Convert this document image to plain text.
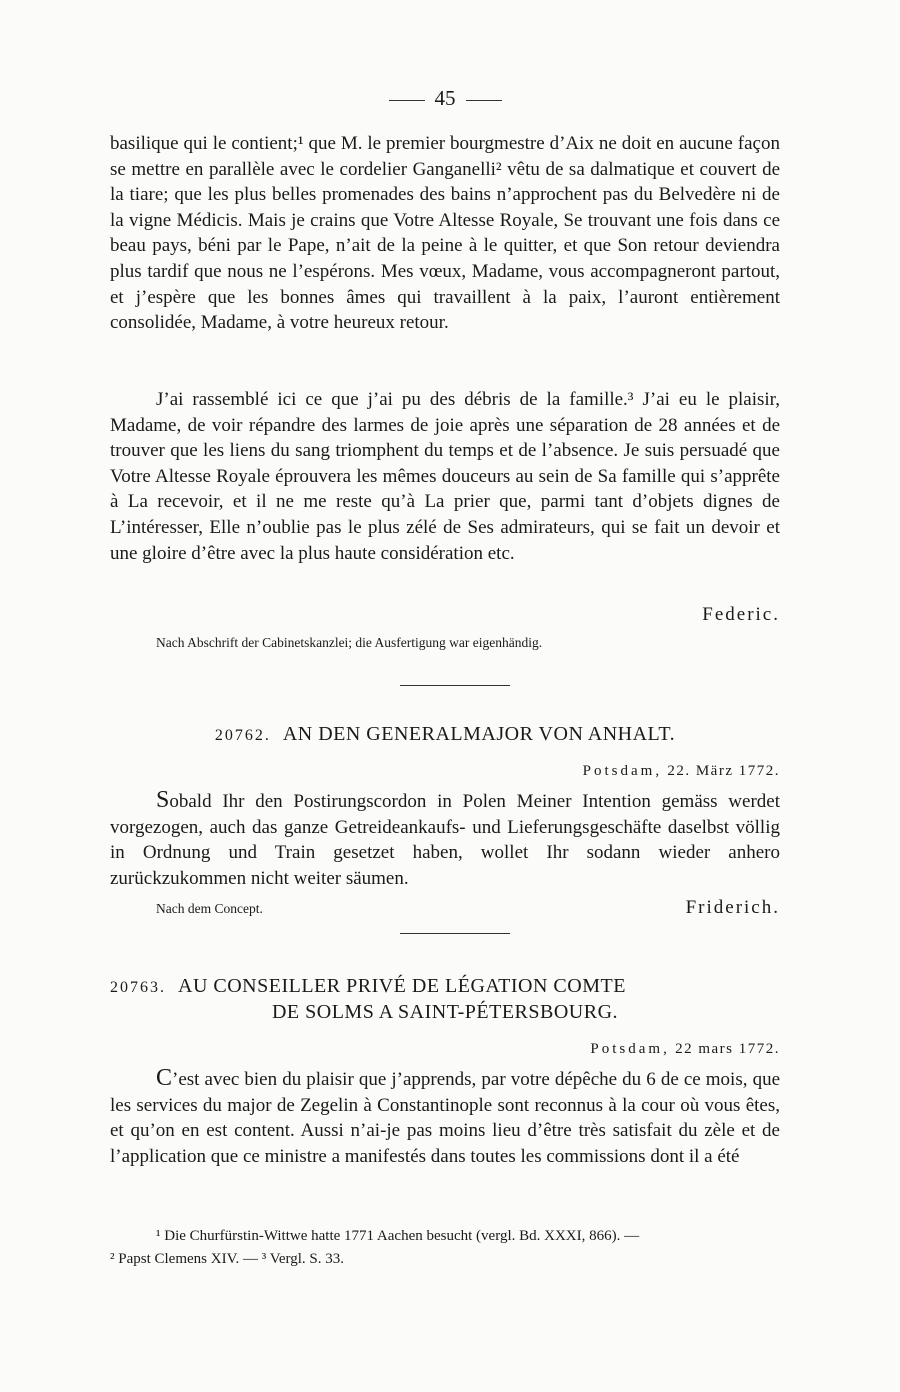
45

basilique qui le contient;¹ que M. le premier bourgmestre d’Aix ne doit en aucune façon se mettre en parallèle avec le cordelier Ganganelli² vêtu de sa dalmatique et couvert de la tiare; que les plus belles promenades des bains n’approchent pas du Belvedère ni de la vigne Médicis. Mais je crains que Votre Altesse Royale, Se trouvant une fois dans ce beau pays, béni par le Pape, n’ait de la peine à le quitter, et que Son retour deviendra plus tardif que nous ne l’espérons. Mes vœux, Madame, vous accompagneront partout, et j’espère que les bonnes âmes qui travaillent à la paix, l’auront entièrement consolidée, Madame, à votre heureux retour.

J’ai rassemblé ici ce que j’ai pu des débris de la famille.³ J’ai eu le plaisir, Madame, de voir répandre des larmes de joie après une séparation de 28 années et de trouver que les liens du sang triomphent du temps et de l’absence. Je suis persuadé que Votre Altesse Royale éprouvera les mêmes douceurs au sein de Sa famille qui s’apprête à La recevoir, et il ne me reste qu’à La prier que, parmi tant d’objets dignes de L’intéresser, Elle n’oublie pas le plus zélé de Ses admirateurs, qui se fait un devoir et une gloire d’être avec la plus haute considération etc.

Federic.
Nach Abschrift der Cabinetskanzlei; die Ausfertigung war eigenhändig.
20762. AN DEN GENERALMAJOR VON ANHALT.
Potsdam, 22. März 1772.

Sobald Ihr den Postirungscordon in Polen Meiner Intention gemäss werdet vorgezogen, auch das ganze Getreideankaufs- und Lieferungsgeschäfte daselbst völlig in Ordnung und Train gesetzet haben, wollet Ihr sodann wieder anhero zurückzukommen nicht weiter säumen.

Nach dem Concept.	Friderich.
20763. AU CONSEILLER PRIVÉ DE LÉGATION COMTE
DE SOLMS A SAINT-PÉTERSBOURG.
Potsdam, 22 mars 1772.

C’est avec bien du plaisir que j’apprends, par votre dépêche du 6 de ce mois, que les services du major de Zegelin à Constantinople sont reconnus à la cour où vous êtes, et qu’on en est content. Aussi n’ai-je pas moins lieu d’être très satisfait du zèle et de l’application que ce ministre a manifestés dans toutes les commissions dont il a été

¹ Die Churfürstin-Wittwe hatte 1771 Aachen besucht (vergl. Bd. XXXI, 866). —
² Papst Clemens XIV. — ³ Vergl. S. 33.
